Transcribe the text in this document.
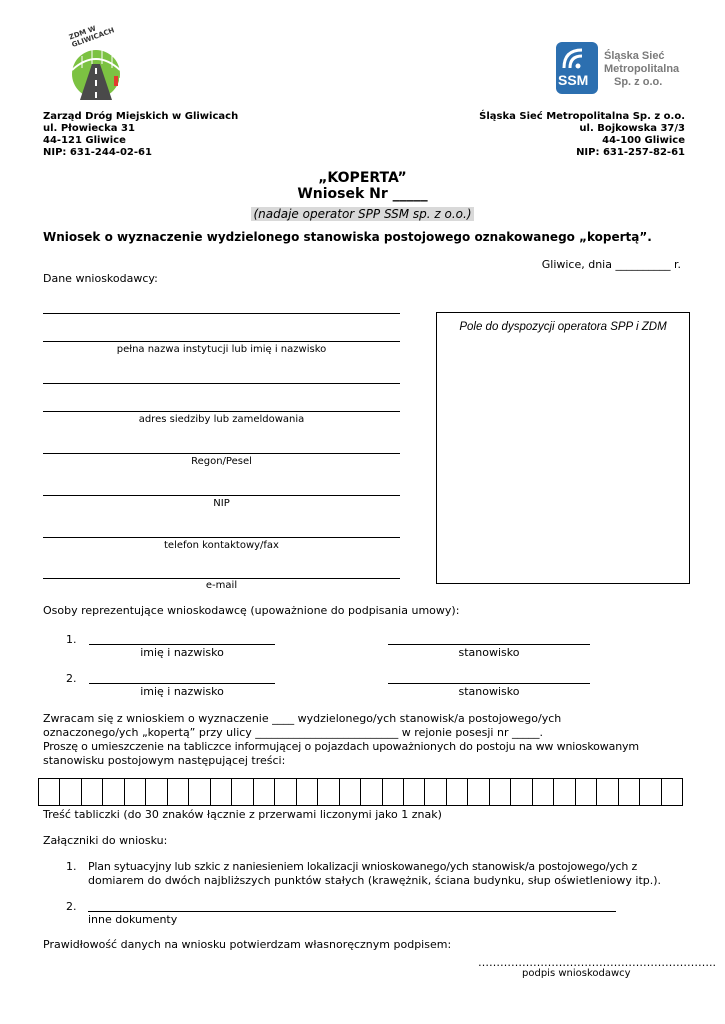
ZDM W GLIWICACH
SSM
Śląska Sieć
Metropolitalna
Sp. z o.o.
Zarząd Dróg Miejskich w Gliwicach
ul. Płowiecka 31
44-121 Gliwice
NIP: 631-244-02-61
Śląska Sieć Metropolitalna Sp. z o.o.
ul. Bojkowska 37/3
44-100 Gliwice
NIP: 631-257-82-61
„KOPERTA”
Wniosek Nr _____
(nadaje operator SPP SSM sp. z o.o.)
Wniosek o wyznaczenie wydzielonego stanowiska postojowego oznakowanego „kopertą”.
Gliwice, dnia __________ r.
Dane wnioskodawcy:
pełna nazwa instytucji lub imię i nazwisko
adres siedziby lub zameldowania
Regon/Pesel
NIP
telefon kontaktowy/fax
e-mail
Pole do dyspozycji operatora SPP i ZDM
Osoby reprezentujące wnioskodawcę (upoważnione do podpisania umowy):
1.
imię i nazwisko	stanowisko
2.
imię i nazwisko	stanowisko
Zwracam się z wnioskiem o wyznaczenie ____ wydzielonego/ych stanowisk/a postojowego/ych
oznaczonego/ych „kopertą” przy ulicy __________________________ w rejonie posesji nr _____.
Proszę o umieszczenie na tabliczce informującej o pojazdach upoważnionych do postoju na ww wnioskowanym
stanowisku postojowym następującej treści:
Treść tabliczki (do 30 znaków łącznie z przerwami liczonymi jako 1 znak)
Załączniki do wniosku:
1. Plan sytuacyjny lub szkic z naniesieniem lokalizacji wnioskowanego/ych stanowisk/a postojowego/ych z
domiarem do dwóch najbliższych punktów stałych (krawężnik, ściana budynku, słup oświetleniowy itp.).
2.
inne dokumenty
Prawidłowość danych na wniosku potwierdzam własnoręcznym podpisem:
………………………………………………………..
podpis wnioskodawcy
